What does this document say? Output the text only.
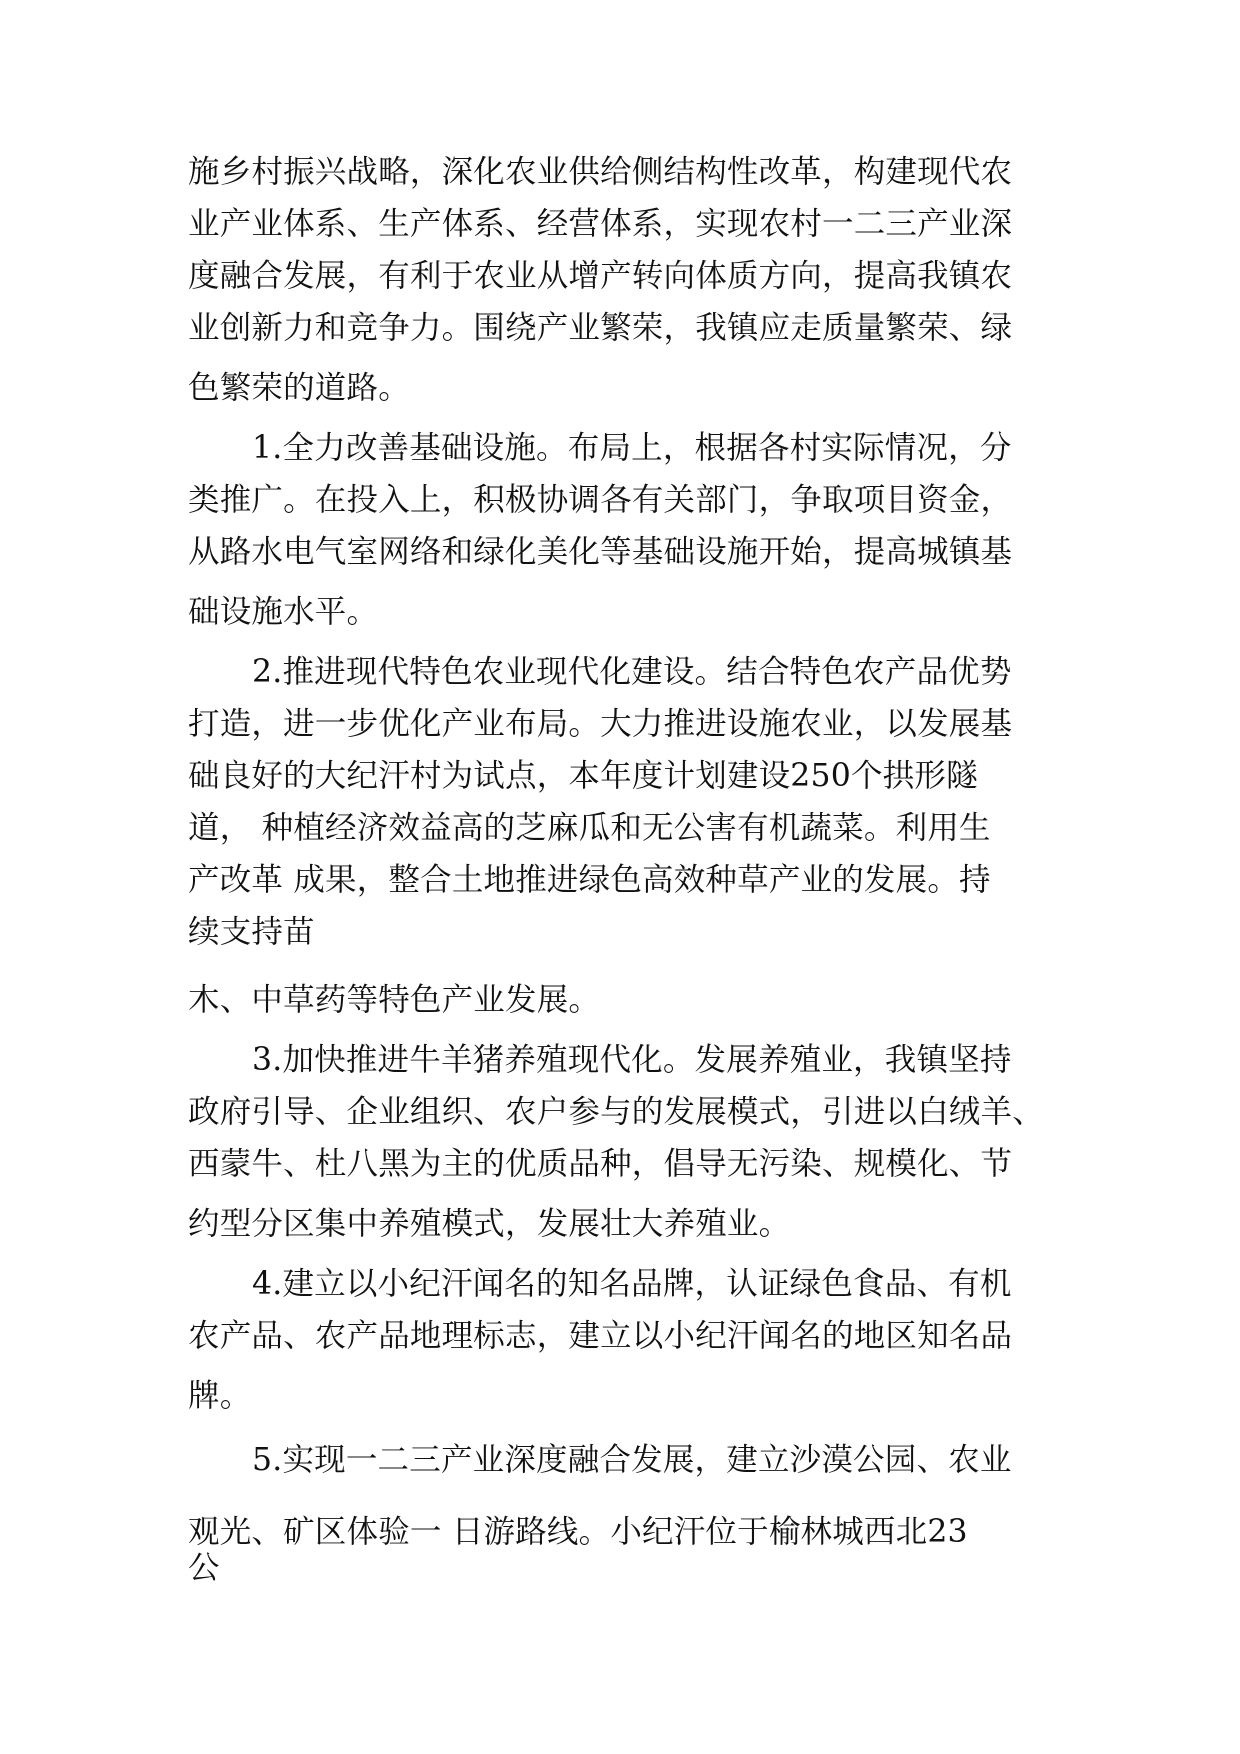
施乡村振兴战略，深化农业供给侧结构性改革，构建现代农
业产业体系、生产体系、经营体系，实现农村一二三产业深
度融合发展，有利于农业从增产转向体质方向，提高我镇农
业创新力和竞争力。围绕产业繁荣，我镇应走质量繁荣、绿
色繁荣的道路。
1.全力改善基础设施。布局上，根据各村实际情况，分
类推广。在投入上，积极协调各有关部门，争取项目资金，
从路水电气室网络和绿化美化等基础设施开始，提高城镇基
础设施水平。
2.推进现代特色农业现代化建设。结合特色农产品优势
打造，进一步优化产业布局。大力推进设施农业，以发展基
础良好的大纪汗村为试点，本年度计划建设250个拱形隧
道， 种植经济效益高的芝麻瓜和无公害有机蔬菜。利用生
产改革 成果，整合土地推进绿色高效种草产业的发展。持
续支持苗
木、中草药等特色产业发展。
3.加快推进牛羊猪养殖现代化。发展养殖业，我镇坚持
政府引导、企业组织、农户参与的发展模式，引进以白绒羊、
西蒙牛、杜八黑为主的优质品种，倡导无污染、规模化、节
约型分区集中养殖模式，发展壮大养殖业。
4.建立以小纪汗闻名的知名品牌，认证绿色食品、有机
农产品、农产品地理标志，建立以小纪汗闻名的地区知名品
牌。
5.实现一二三产业深度融合发展，建立沙漠公园、农业
观光、矿区体验一 日游路线。小纪汗位于榆林城西北23
公
